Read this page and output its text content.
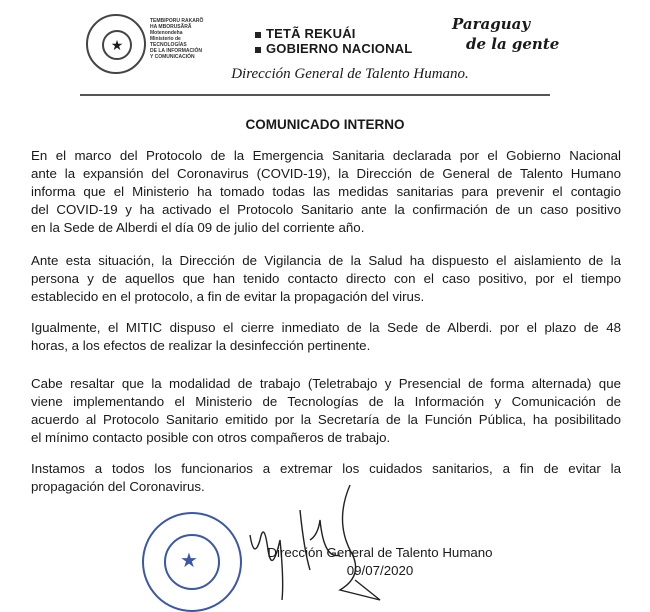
★
TEMBIPORU RAKARÕ
HA MBORUSÃRÃ
Motenondeha
Ministerio de
TECNOLOGÍAS
DE LA INFORMACIÓN
Y COMUNICACIÓN
TETÃ REKUÁI
GOBIERNO NACIONAL
Paraguay
de la gente
Dirección General de Talento Humano.
COMUNICADO INTERNO
En el marco del Protocolo de la Emergencia Sanitaria declarada por el Gobierno Nacional
ante la expansión del Coronavirus (COVID-19), la Dirección de General de Talento Humano
informa que el Ministerio ha tomado todas las medidas sanitarias para prevenir el contagio
del COVID-19 y ha activado el Protocolo Sanitario ante la confirmación de un caso positivo
en la Sede de Alberdi el día 09 de julio del corriente año.
Ante esta situación, la Dirección de Vigilancia de la Salud ha dispuesto el aislamiento de la
persona y de aquellos que han tenido contacto directo con el caso positivo, por el tiempo
establecido en el protocolo, a fin de evitar la propagación del virus.
Igualmente, el MITIC dispuso el cierre inmediato de la Sede de Alberdi. por el plazo de 48
horas, a los efectos de realizar la desinfección pertinente.
Cabe resaltar que la modalidad de trabajo (Teletrabajo y Presencial de forma alternada) que
viene implementando el Ministerio de Tecnologías de la Información y Comunicación de
acuerdo al Protocolo Sanitario emitido por la Secretaría de la Función Pública, ha posibilitado
el mínimo contacto posible con otros compañeros de trabajo.
Instamos a todos los funcionarios a extremar los cuidados sanitarios, a fin de evitar la
propagación del Coronavirus.
★	Dirección General de Talento Humano
09/07/2020
